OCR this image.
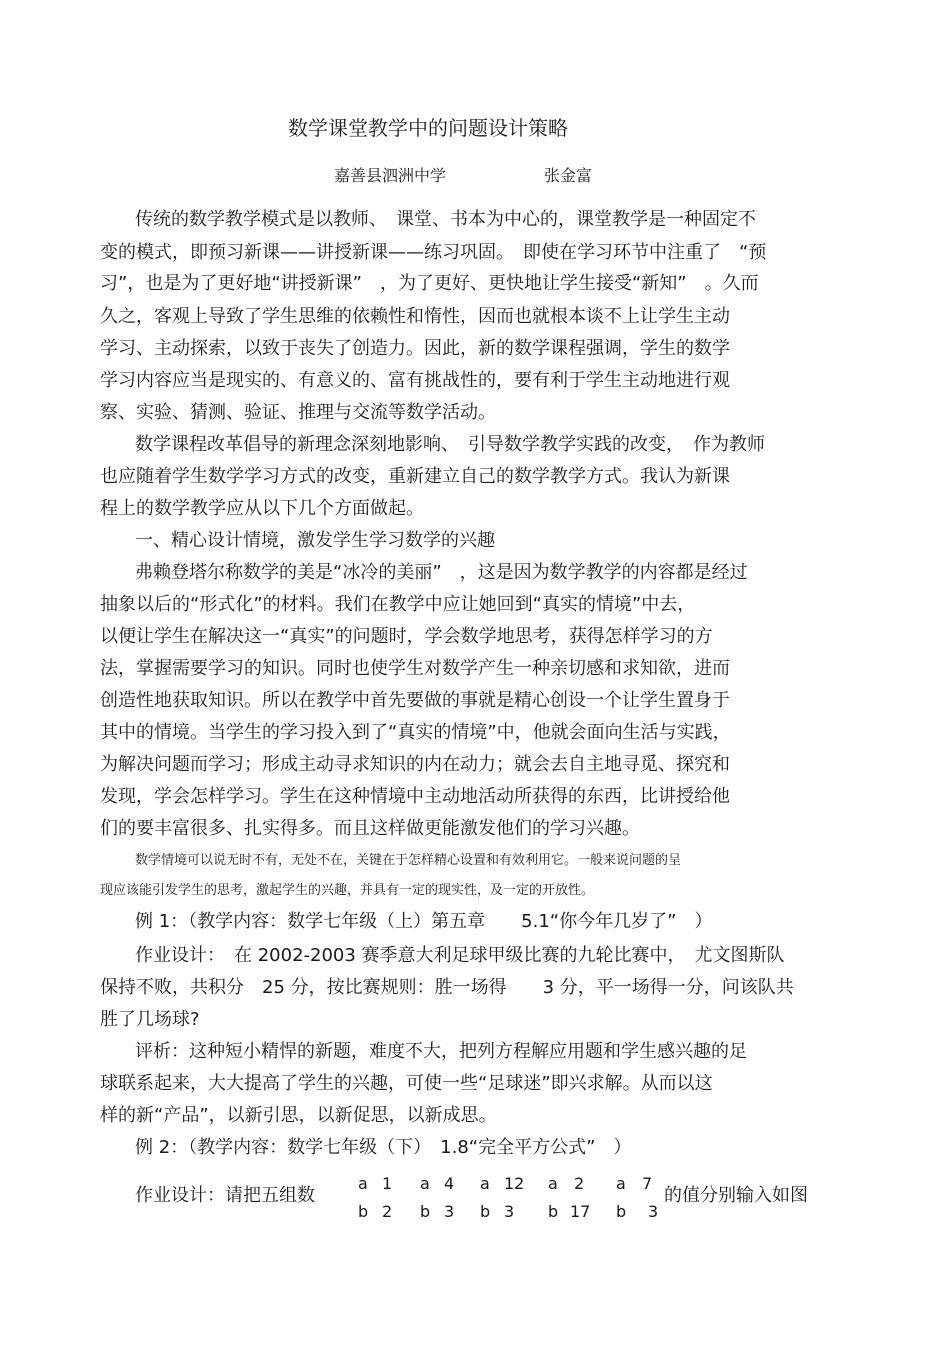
数学课堂教学中的问题设计策略
嘉善县泗洲中学	张金富
传统的数学教学模式是以教师、　课堂、书本为中心的，课堂教学是一种固定不
变的模式，即预习新课——讲授新课——练习巩固。　即使在学习环节中注重了　“预
习”，也是为了更好地“讲授新课”　，为了更好、更快地让学生接受“新知”　。久而
久之，客观上导致了学生思维的依赖性和惰性，因而也就根本谈不上让学生主动
学习、主动探索，以致于丧失了创造力。因此，新的数学课程强调，学生的数学
学习内容应当是现实的、有意义的、富有挑战性的，要有利于学生主动地进行观
察、实验、猜测、验证、推理与交流等数学活动。
数学课程改革倡导的新理念深刻地影响、　引导数学教学实践的改变，　作为教师
也应随着学生数学学习方式的改变，重新建立自己的数学教学方式。我认为新课
程上的数学教学应从以下几个方面做起。
一、精心设计情境，激发学生学习数学的兴趣
弗赖登塔尔称数学的美是“冰冷的美丽”　，这是因为数学教学的内容都是经过
抽象以后的“形式化”的材料。我们在教学中应让她回到“真实的情境”中去，
以便让学生在解决这一“真实”的问题时，学会数学地思考，获得怎样学习的方
法，掌握需要学习的知识。同时也使学生对数学产生一种亲切感和求知欲，进而
创造性地获取知识。所以在教学中首先要做的事就是精心创设一个让学生置身于
其中的情境。当学生的学习投入到了“真实的情境”中，他就会面向生活与实践，
为解决问题而学习；形成主动寻求知识的内在动力；就会去自主地寻觅、探究和
发现，学会怎样学习。学生在这种情境中主动地活动所获得的东西，比讲授给他
们的要丰富很多、扎实得多。而且这样做更能激发他们的学习兴趣。
数学情境可以说无时不有，无处不在，关键在于怎样精心设置和有效利用它。一般来说问题的呈
现应该能引发学生的思考，激起学生的兴趣，并具有一定的现实性，及一定的开放性。
例 1：（教学内容：数学七年级（上）第五章　　5.1“你今年几岁了”　）
作业设计：　在 2002-2003 赛季意大利足球甲级比赛的九轮比赛中，　尤文图斯队
保持不败，共积分　25 分，按比赛规则：胜一场得　　3 分，平一场得一分，问该队共
胜了几场球?
评析：这种短小精悍的新题，难度不大，把列方程解应用题和学生感兴趣的足
球联系起来，大大提高了学生的兴趣，可使一些“足球迷”即兴求解。从而以这
样的新“产品”，以新引思，以新促思，以新成思。
例 2：（教学内容：数学七年级（下）　1.8“完全平方公式”　）
作业设计：请把五组数
a 1
b 2
a 4
b 3
a 12
b 3
a 2
b 17
a 7
b 3
的值分别输入如图
